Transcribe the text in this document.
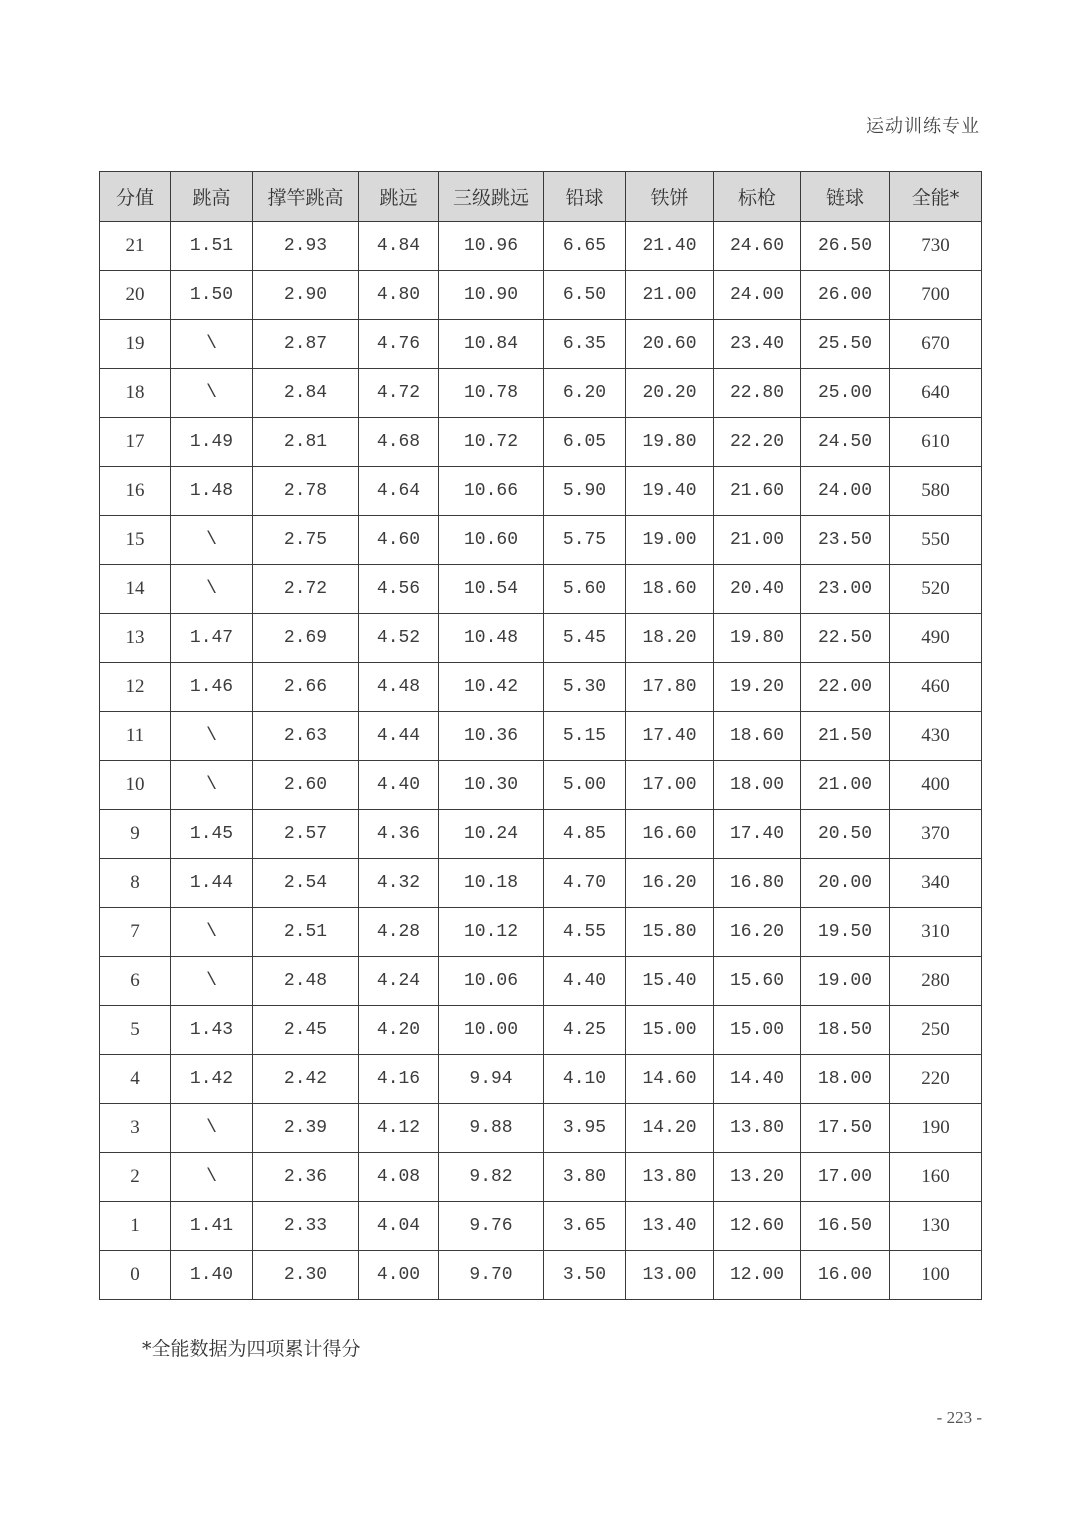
运动训练专业
分值	跳高	撑竿跳高	跳远	三级跳远	铅球	铁饼	标枪	链球	全能*
21	1.51	2.93	4.84	10.96	6.65	21.40	24.60	26.50	730
20	1.50	2.90	4.80	10.90	6.50	21.00	24.00	26.00	700
19	\	2.87	4.76	10.84	6.35	20.60	23.40	25.50	670
18	\	2.84	4.72	10.78	6.20	20.20	22.80	25.00	640
17	1.49	2.81	4.68	10.72	6.05	19.80	22.20	24.50	610
16	1.48	2.78	4.64	10.66	5.90	19.40	21.60	24.00	580
15	\	2.75	4.60	10.60	5.75	19.00	21.00	23.50	550
14	\	2.72	4.56	10.54	5.60	18.60	20.40	23.00	520
13	1.47	2.69	4.52	10.48	5.45	18.20	19.80	22.50	490
12	1.46	2.66	4.48	10.42	5.30	17.80	19.20	22.00	460
11	\	2.63	4.44	10.36	5.15	17.40	18.60	21.50	430
10	\	2.60	4.40	10.30	5.00	17.00	18.00	21.00	400
9	1.45	2.57	4.36	10.24	4.85	16.60	17.40	20.50	370
8	1.44	2.54	4.32	10.18	4.70	16.20	16.80	20.00	340
7	\	2.51	4.28	10.12	4.55	15.80	16.20	19.50	310
6	\	2.48	4.24	10.06	4.40	15.40	15.60	19.00	280
5	1.43	2.45	4.20	10.00	4.25	15.00	15.00	18.50	250
4	1.42	2.42	4.16	9.94	4.10	14.60	14.40	18.00	220
3	\	2.39	4.12	9.88	3.95	14.20	13.80	17.50	190
2	\	2.36	4.08	9.82	3.80	13.80	13.20	17.00	160
1	1.41	2.33	4.04	9.76	3.65	13.40	12.60	16.50	130
0	1.40	2.30	4.00	9.70	3.50	13.00	12.00	16.00	100
*全能数据为四项累计得分
- 223 -
